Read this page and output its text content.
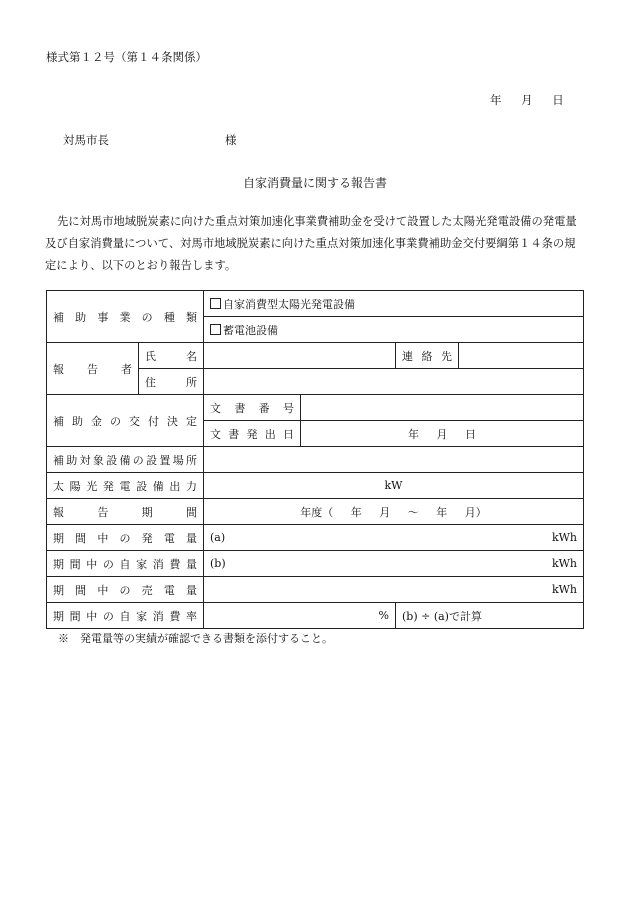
様式第１２号（第１４条関係）
年 月 日
対馬市長	様
自家消費量に関する報告書
先に対馬市地域脱炭素に向けた重点対策加速化事業費補助金を受けて設置した太陽光発電設備の発電量及び自家消費量について、対馬市地域脱炭素に向けた重点対策加速化事業費補助金交付要綱第１４条の規定により、以下のとおり報告します。
補助事業の種類		自家消費型太陽光発電設備			
		蓄電池設備			
報告者	氏名			連絡先	
	住所				
補助金の交付決定		文書番号			
		文書発出日	年 月 日		
補助対象設備の設置場所					
太陽光発電設備出力		kW			
報告期間		年度（ 年 月 ～ 年 月）			
期間中の発電量		(a) kWh			

期間中の自家消費量		(b) kWh			

期間中の売電量		kWh			
期間中の自家消費率		%		(b) ÷ (a)で計算	
※　発電量等の実績が確認できる書類を添付すること。
